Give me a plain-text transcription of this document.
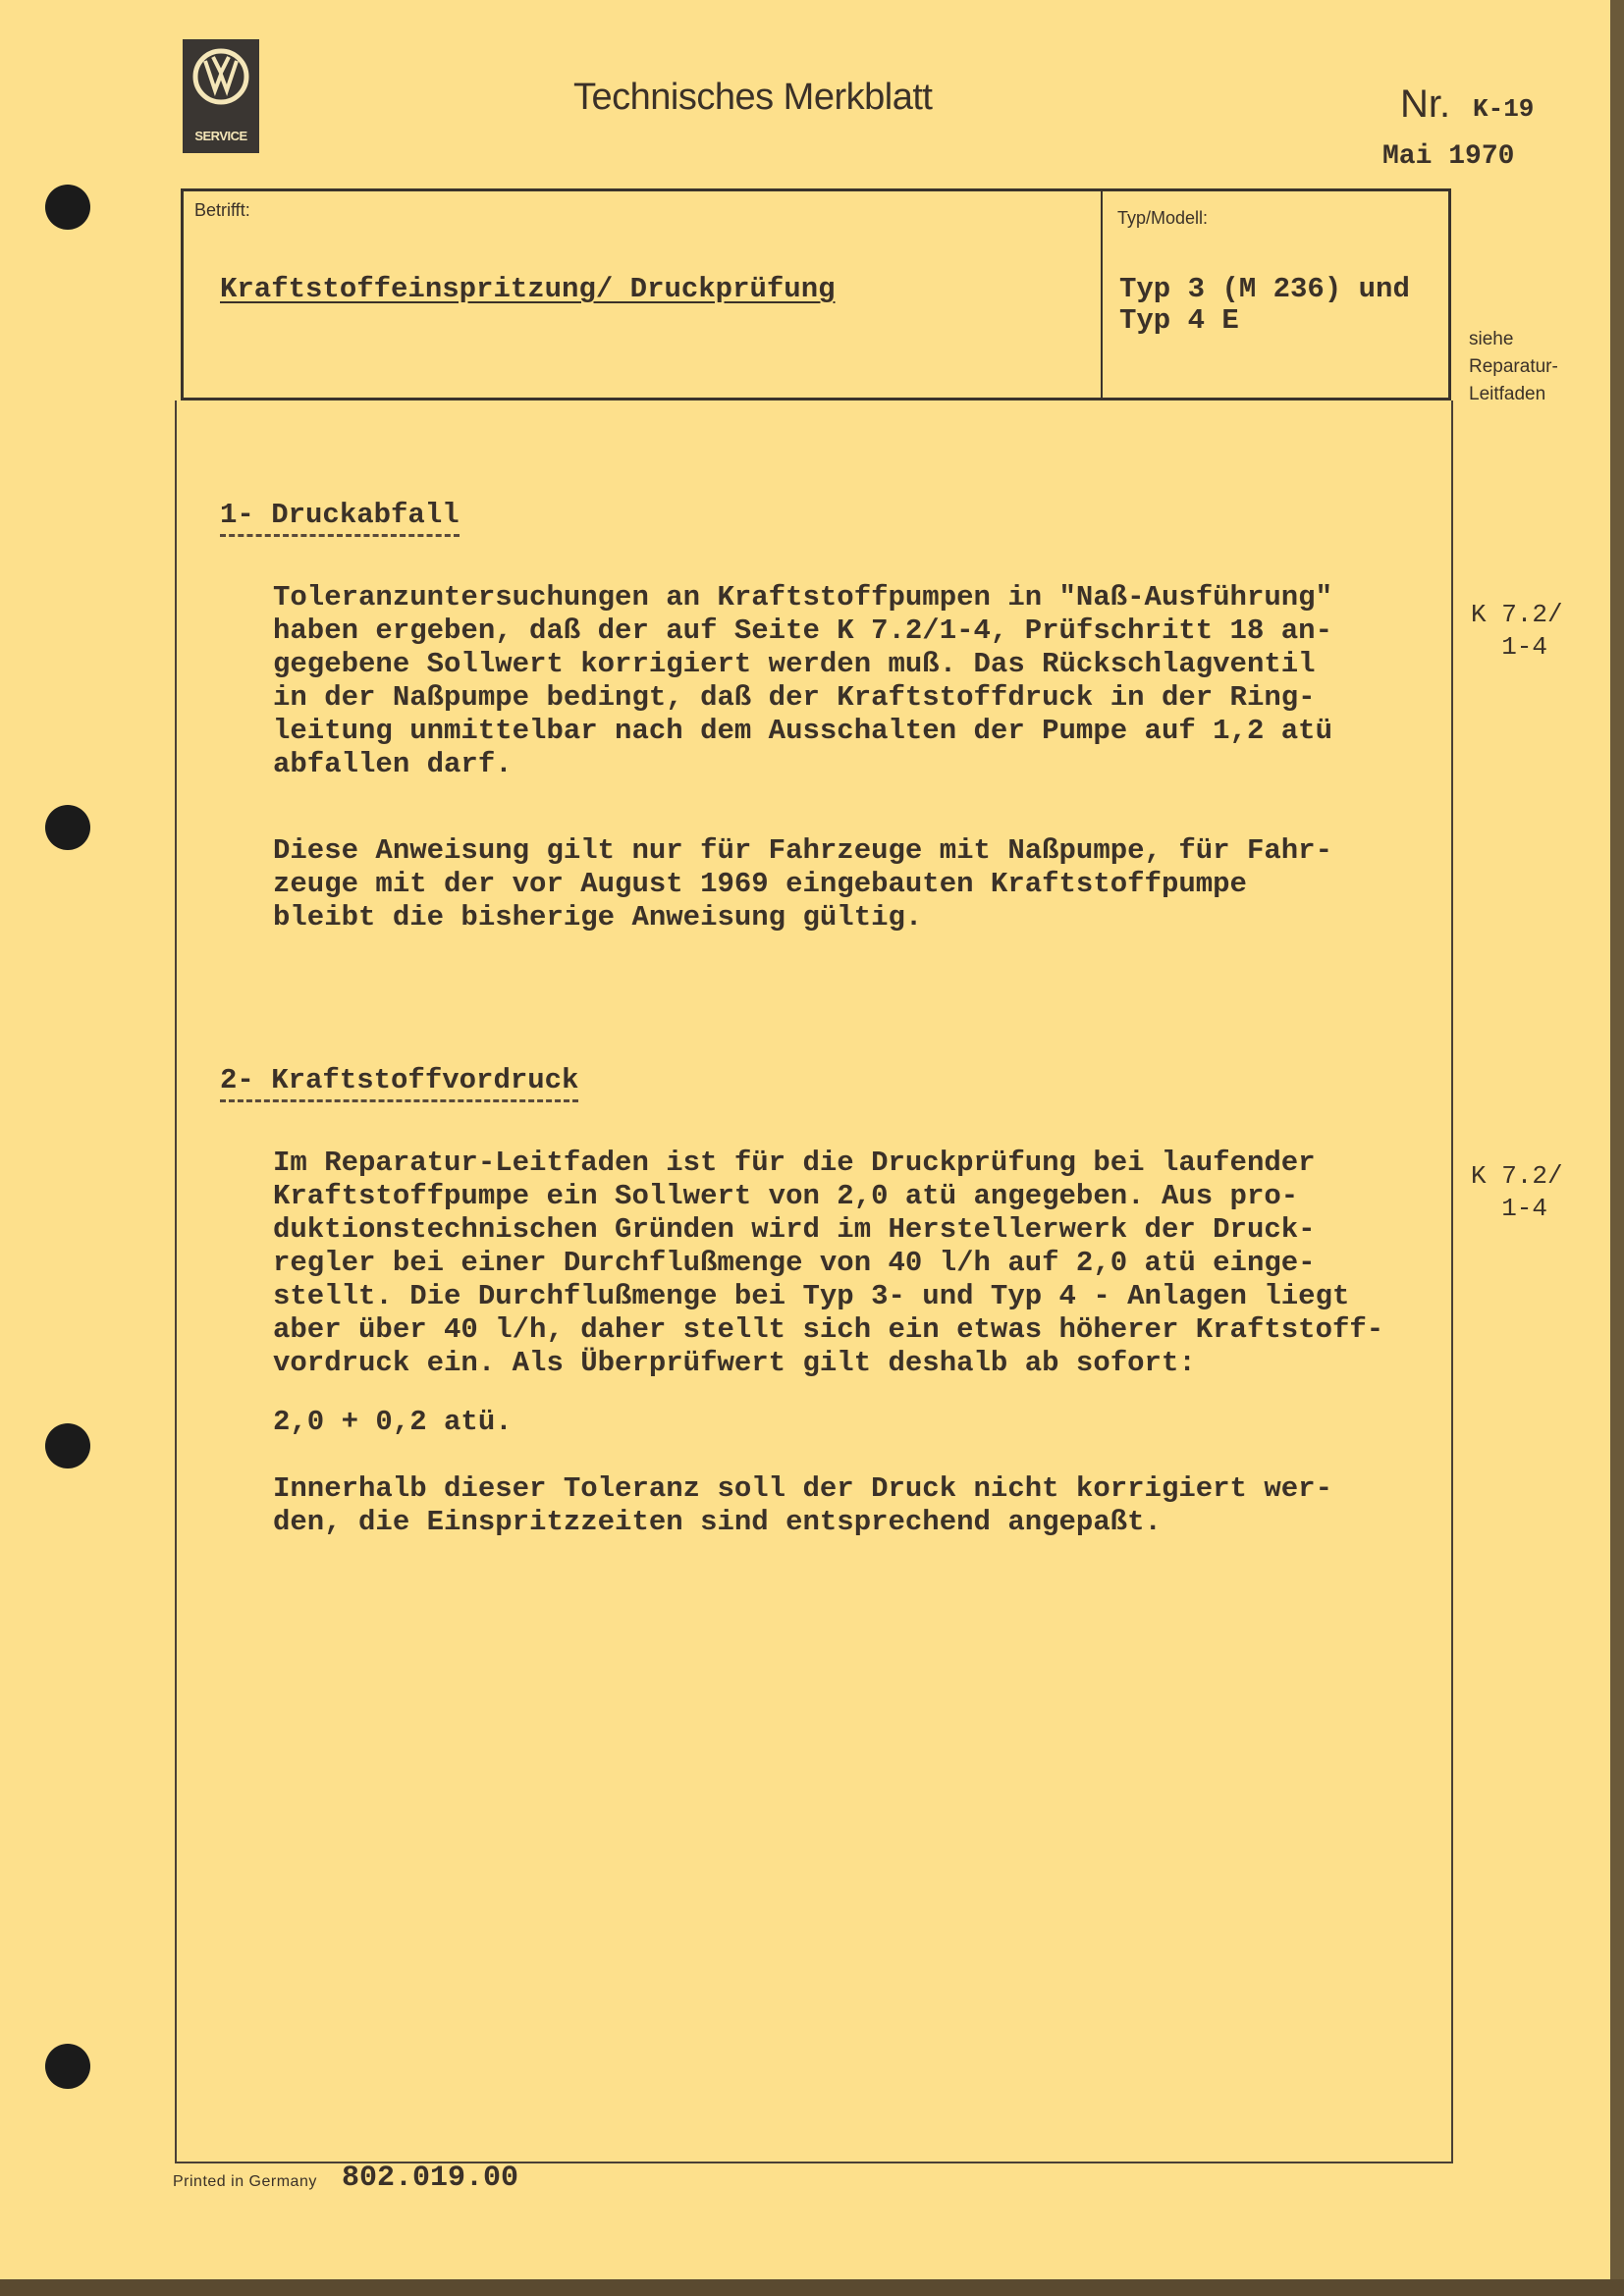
SERVICE
Technisches Merkblatt	Nr. K-19
Mai 1970
Betrifft:
Kraftstoffeinspritzung/ Druckprüfung
Typ/Modell:
Typ 3 (M 236) und
Typ 4 E
siehe
Reparatur-
Leitfaden
1- Druckabfall
K 7.2/
1-4
Toleranzuntersuchungen an Kraftstoffpumpen in "Naß-Ausführung"
haben ergeben, daß der auf Seite K 7.2/1-4, Prüfschritt 18 an-
gegebene Sollwert korrigiert werden muß. Das Rückschlagventil
in der Naßpumpe bedingt, daß der Kraftstoffdruck in der Ring-
leitung unmittelbar nach dem Ausschalten der Pumpe auf 1,2 atü
abfallen darf.
Diese Anweisung gilt nur für Fahrzeuge mit Naßpumpe, für Fahr-
zeuge mit der vor August 1969 eingebauten Kraftstoffpumpe
bleibt die bisherige Anweisung gültig.
2- Kraftstoffvordruck
K 7.2/
1-4
Im Reparatur-Leitfaden ist für die Druckprüfung bei laufender
Kraftstoffpumpe ein Sollwert von 2,0 atü angegeben. Aus pro-
duktionstechnischen Gründen wird im Herstellerwerk der Druck-
regler bei einer Durchflußmenge von 40 l/h auf 2,0 atü einge-
stellt. Die Durchflußmenge bei Typ 3- und Typ 4 - Anlagen liegt
aber über 40 l/h, daher stellt sich ein etwas höherer Kraftstoff-
vordruck ein. Als Überprüfwert gilt deshalb ab sofort:
2,0 + 0,2 atü.
Innerhalb dieser Toleranz soll der Druck nicht korrigiert wer-
den, die Einspritzzeiten sind entsprechend angepaßt.
Printed in Germany 802.019.00
